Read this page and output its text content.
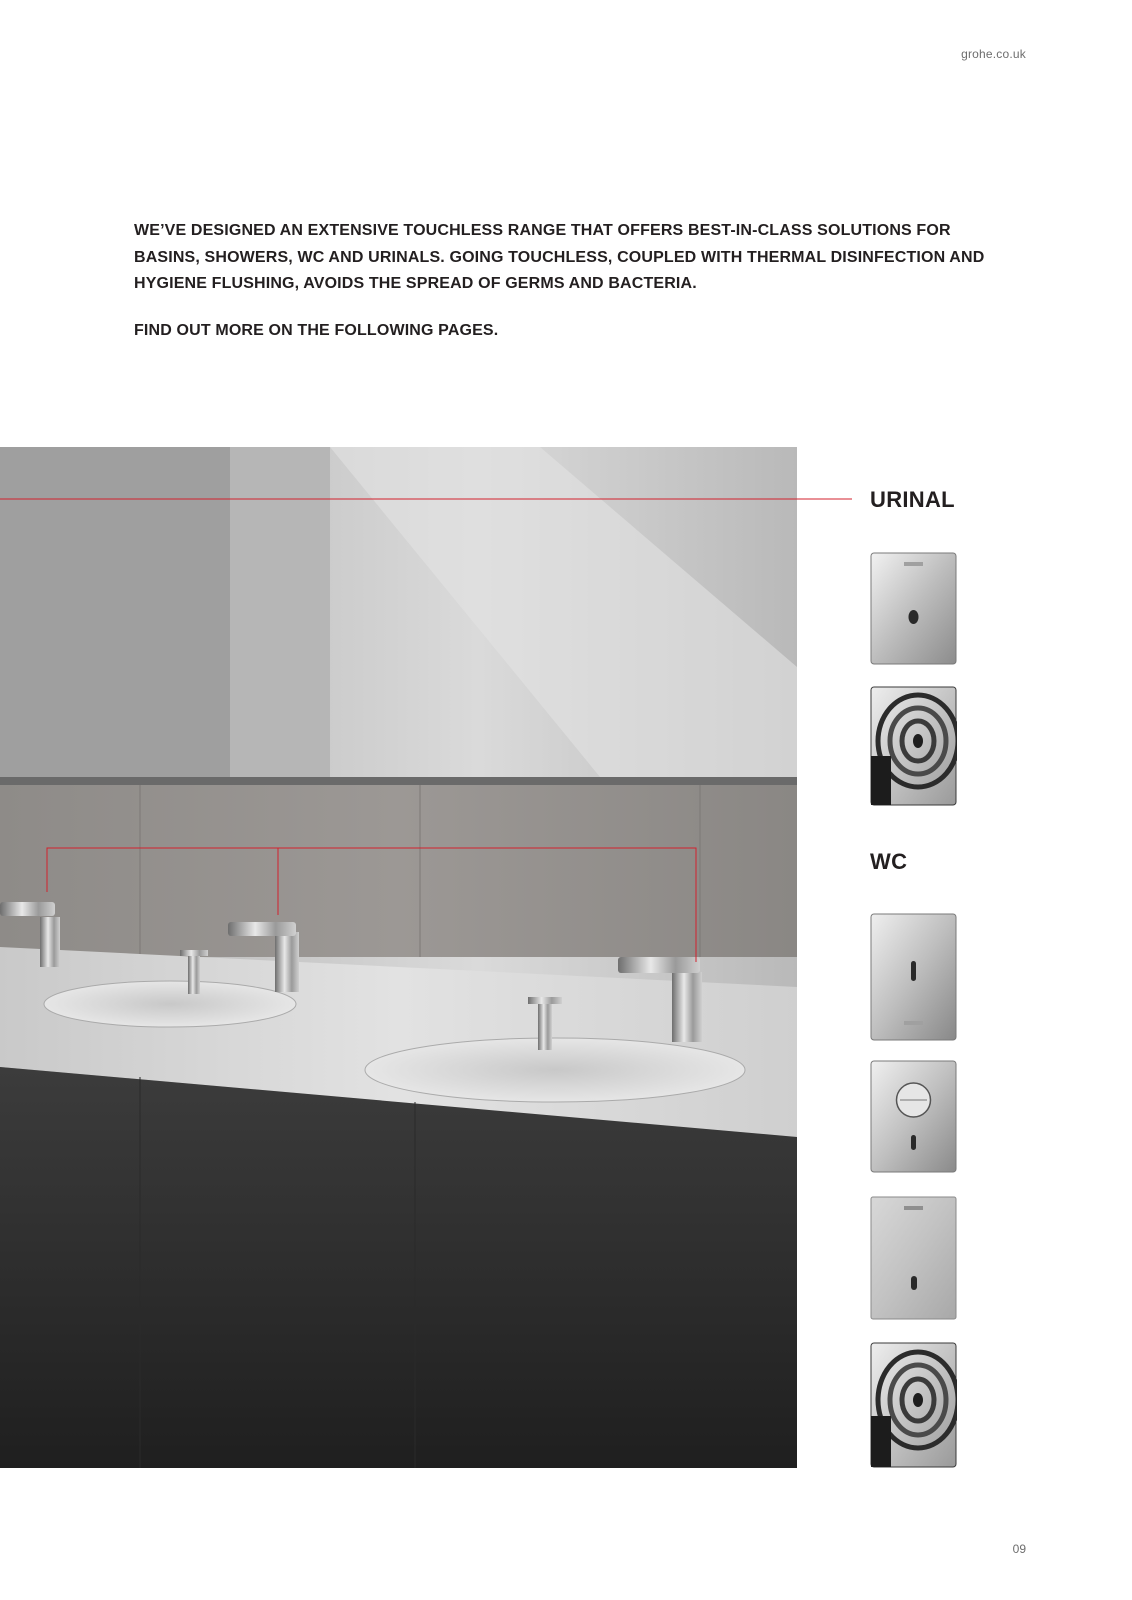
grohe.co.uk

WE’VE DESIGNED AN EXTENSIVE TOUCHLESS RANGE THAT OFFERS BEST-IN-CLASS SOLUTIONS FOR BASINS, SHOWERS, WC AND URINALS. GOING TOUCHLESS, COUPLED WITH THERMAL DISINFECTION AND HYGIENE FLUSHING, AVOIDS THE SPREAD OF GERMS AND BACTERIA.

FIND OUT MORE ON THE FOLLOWING PAGES.

URINAL
WC
09
